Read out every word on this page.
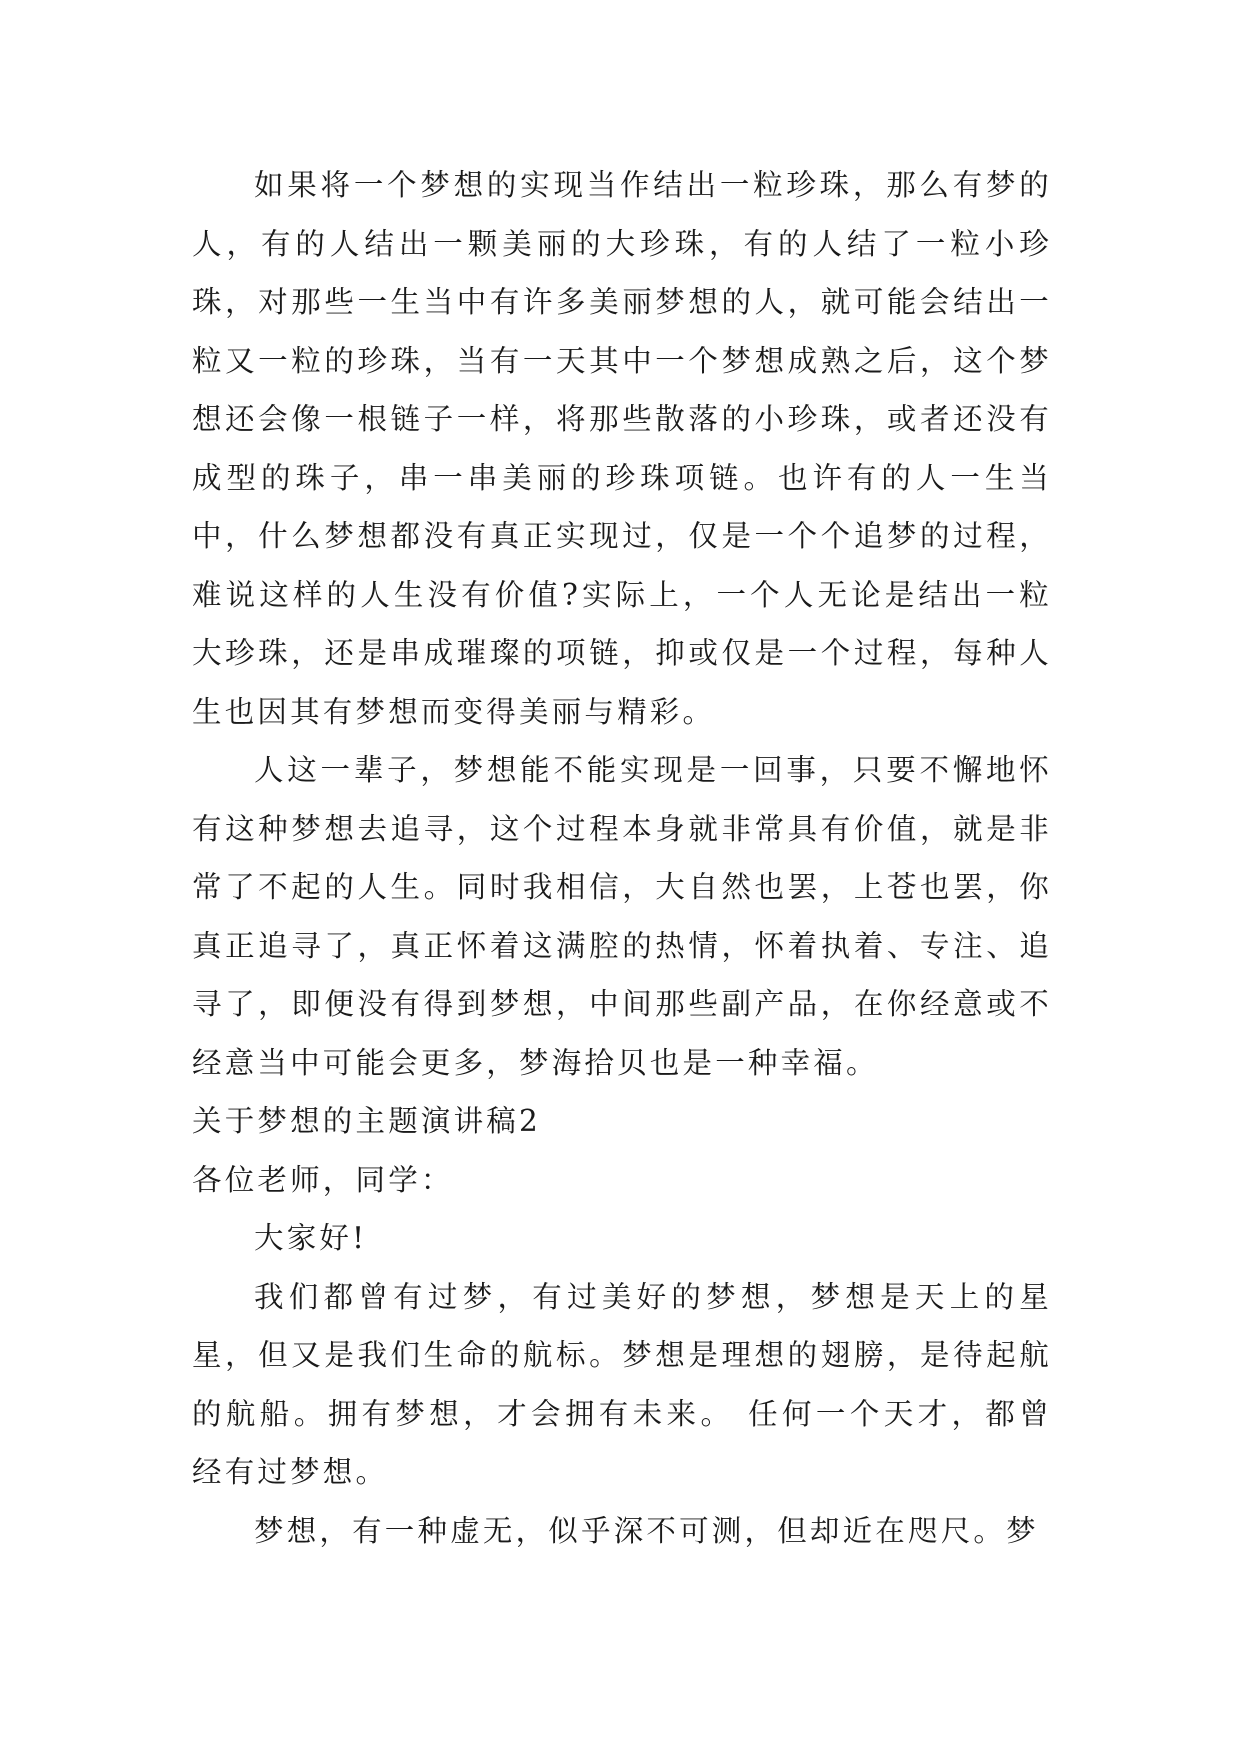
如果将一个梦想的实现当作结出一粒珍珠，那么有梦的人，有的人结出一颗美丽的大珍珠，有的人结了一粒小珍珠，对那些一生当中有许多美丽梦想的人，就可能会结出一粒又一粒的珍珠，当有一天其中一个梦想成熟之后，这个梦想还会像一根链子一样，将那些散落的小珍珠，或者还没有成型的珠子，串一串美丽的珍珠项链。也许有的人一生当中，什么梦想都没有真正实现过，仅是一个个追梦的过程，难说这样的人生没有价值?实际上，一个人无论是结出一粒大珍珠，还是串成璀璨的项链，抑或仅是一个过程，每种人生也因其有梦想而变得美丽与精彩。

人这一辈子，梦想能不能实现是一回事，只要不懈地怀有这种梦想去追寻，这个过程本身就非常具有价值，就是非常了不起的人生。同时我相信，大自然也罢，上苍也罢，你真正追寻了，真正怀着这满腔的热情，怀着执着、专注、追寻了，即便没有得到梦想，中间那些副产品，在你经意或不经意当中可能会更多，梦海拾贝也是一种幸福。

关于梦想的主题演讲稿2

各位老师，同学：

大家好!

我们都曾有过梦，有过美好的梦想，梦想是天上的星星，但又是我们生命的航标。梦想是理想的翅膀，是待起航的航船。拥有梦想，才会拥有未来。 任何一个天才，都曾经有过梦想。

梦想，有一种虚无，似乎深不可测，但却近在咫尺。梦
